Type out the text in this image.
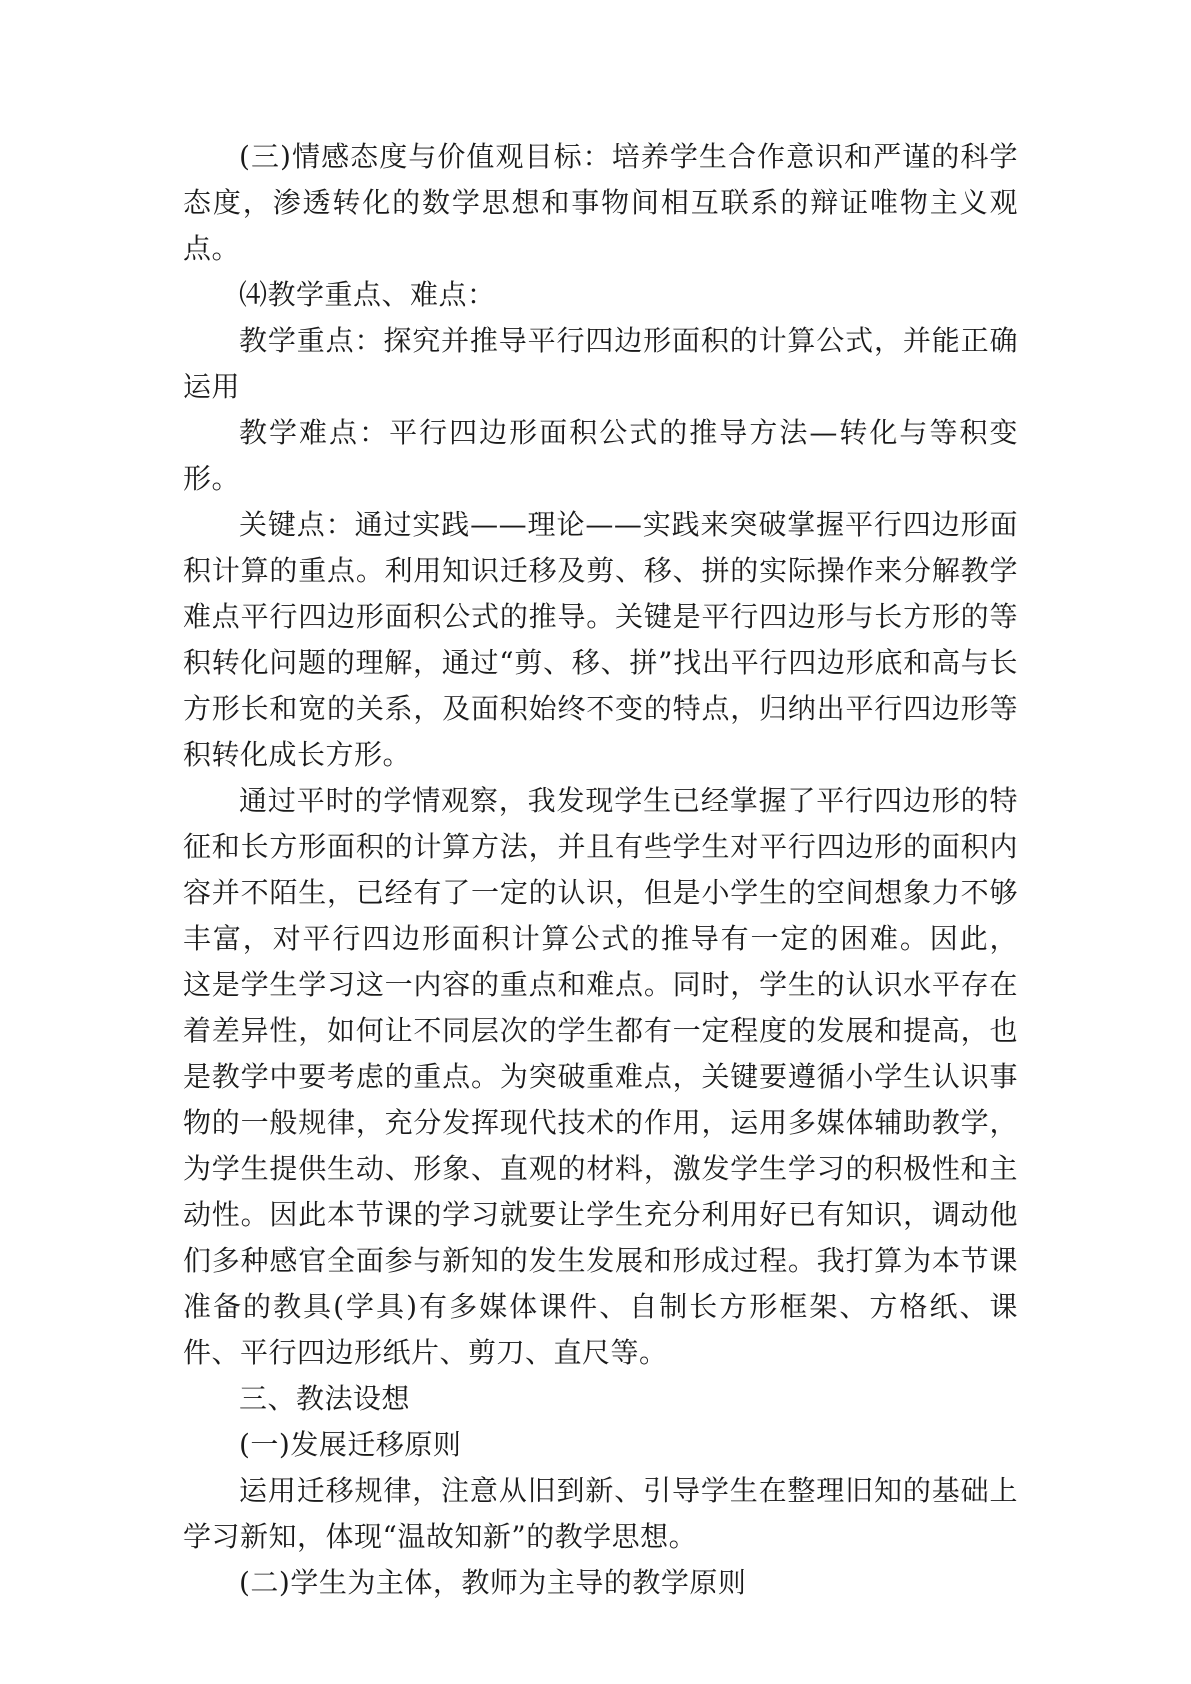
(三)情感态度与价值观目标：培养学生合作意识和严谨的科学态度，渗透转化的数学思想和事物间相互联系的辩证唯物主义观点。

⑷教学重点、难点：

教学重点：探究并推导平行四边形面积的计算公式，并能正确运用

教学难点：平行四边形面积公式的推导方法—转化与等积变形。

关键点：通过实践——理论——实践来突破掌握平行四边形面积计算的重点。利用知识迁移及剪、移、拼的实际操作来分解教学难点平行四边形面积公式的推导。关键是平行四边形与长方形的等积转化问题的理解，通过“剪、移、拼”找出平行四边形底和高与长方形长和宽的关系，及面积始终不变的特点，归纳出平行四边形等积转化成长方形。

通过平时的学情观察，我发现学生已经掌握了平行四边形的特征和长方形面积的计算方法，并且有些学生对平行四边形的面积内容并不陌生，已经有了一定的认识，但是小学生的空间想象力不够丰富，对平行四边形面积计算公式的推导有一定的困难。因此， 这是学生学习这一内容的重点和难点。同时，学生的认识水平存在着差异性，如何让不同层次的学生都有一定程度的发展和提高，也是教学中要考虑的重点。为突破重难点，关键要遵循小学生认识事物的一般规律，充分发挥现代技术的作用，运用多媒体辅助教学，为学生提供生动、形象、直观的材料，激发学生学习的积极性和主动性。因此本节课的学习就要让学生充分利用好已有知识，调动他们多种感官全面参与新知的发生发展和形成过程。我打算为本节课准备的教具(学具)有多媒体课件、自制长方形框架、方格纸、课件、平行四边形纸片、剪刀、直尺等。

三、教法设想

(一)发展迁移原则

运用迁移规律，注意从旧到新、引导学生在整理旧知的基础上学习新知，体现“温故知新”的教学思想。

(二)学生为主体，教师为主导的教学原则
